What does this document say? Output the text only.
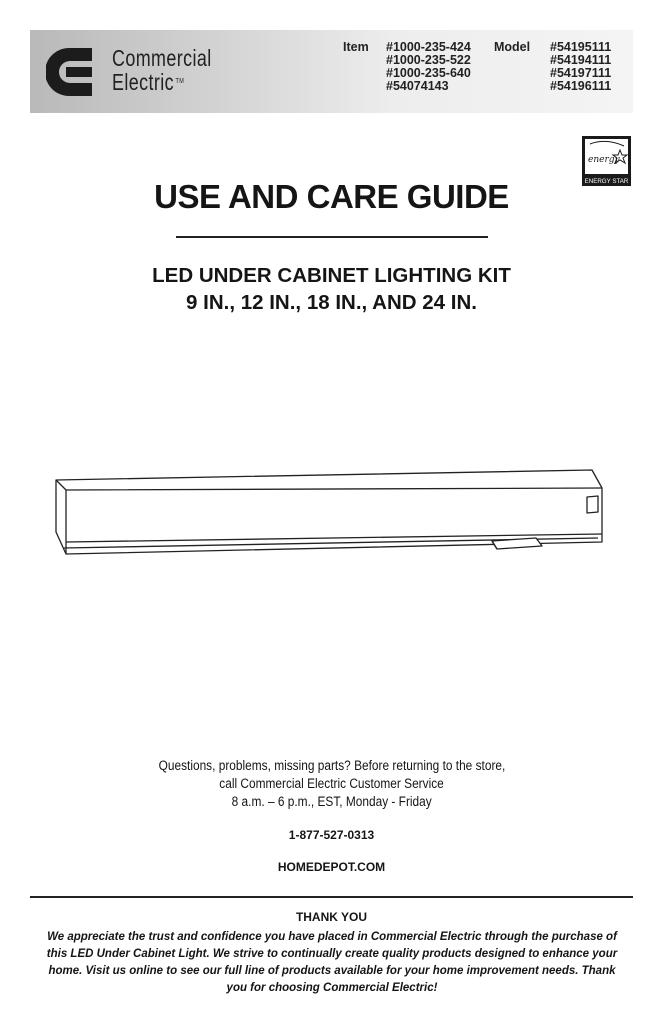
Commercial
Electric ™
Item #1000-235-424
#1000-235-522
#1000-235-640
#54074143
Model #54195111
#54194111
#54197111
#54196111
energy
ENERGY STAR
USE AND CARE GUIDE
LED UNDER CABINET LIGHTING KIT
9 IN., 12 IN., 18 IN., AND 24 IN.
Questions, problems, missing parts? Before returning to the store,
call Commercial Electric Customer Service
8 a.m. – 6 p.m., EST, Monday - Friday
1-877-527-0313
HOMEDEPOT.COM
THANK YOU
We appreciate the trust and confidence you have placed in Commercial Electric through the purchase of this LED Under Cabinet Light. We strive to continually create quality products designed to enhance your home. Visit us online to see our full line of products available for your home improvement needs. Thank you for choosing Commercial Electric!
